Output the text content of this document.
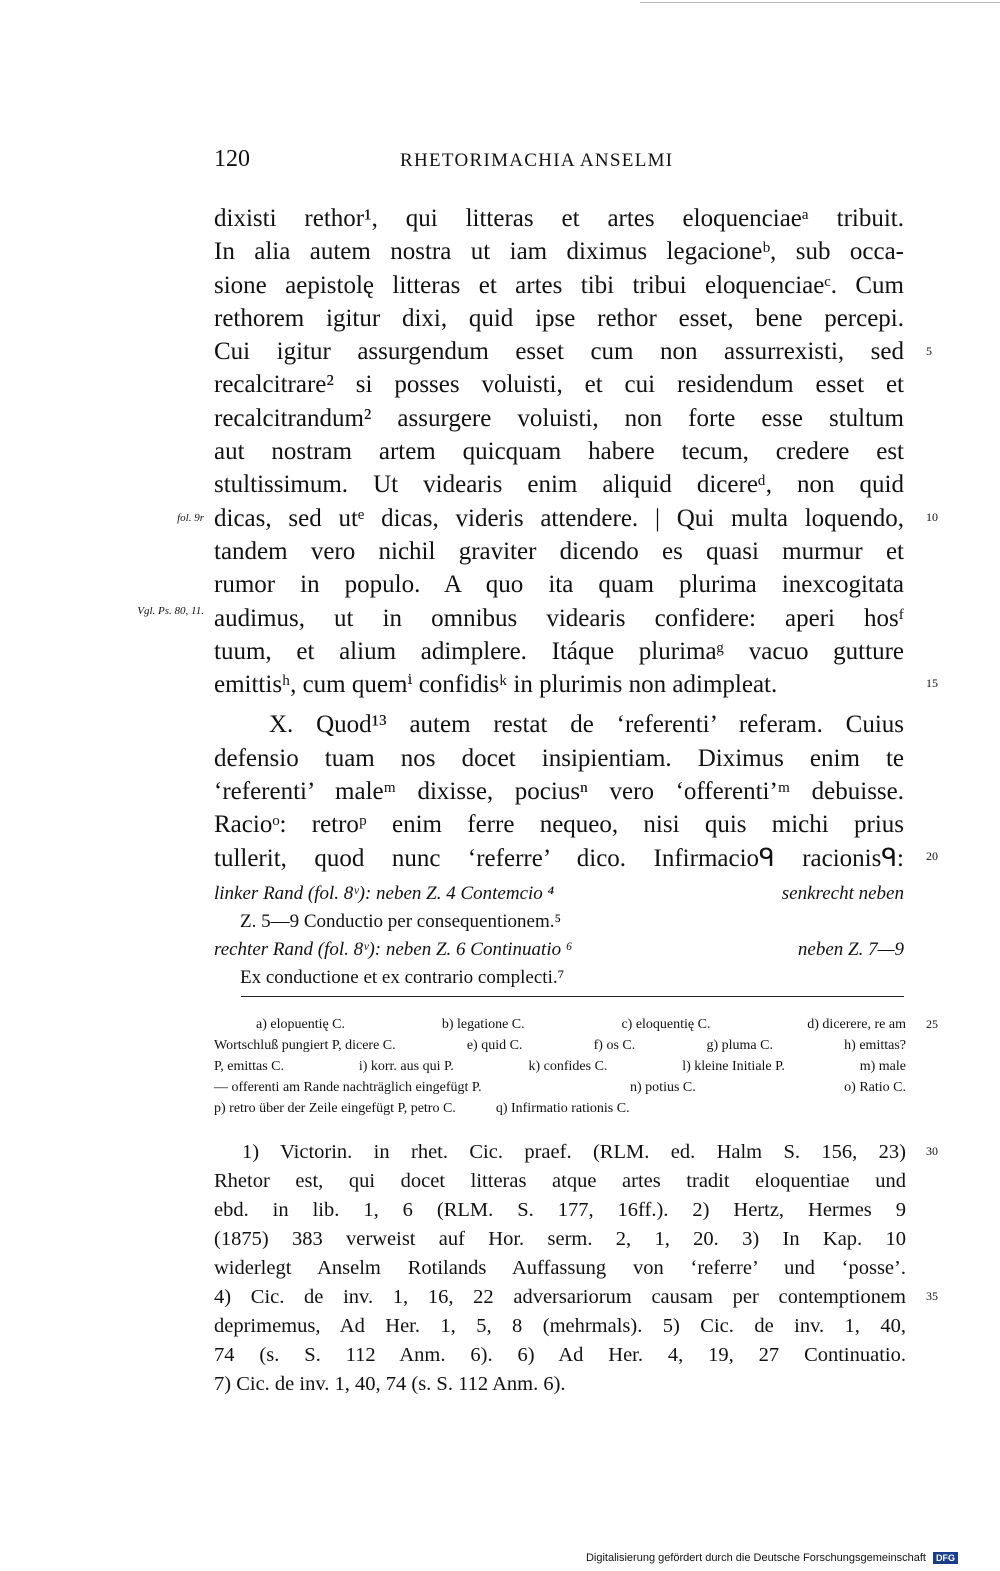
120	RHETORIMACHIA ANSELMI
dixisti rethor¹, qui litteras et artes eloquenciaeᵃ tribuit.
In alia autem nostra ut iam diximus legacioneᵇ, sub occa-
sione aepistolę litteras et artes tibi tribui eloquenciaeᶜ. Cum
rethorem igitur dixi, quid ipse rethor esset, bene percepi.
Cui igitur assurgendum esset cum non assurrexisti, sed
recalcitrare² si posses voluisti, et cui residendum esset et
recalcitrandum² assurgere voluisti, non forte esse stultum
aut nostram artem quicquam habere tecum, credere est
stultissimum. Ut videaris enim aliquid dicereᵈ, non quid
dicas, sed utᵉ dicas, videris attendere. | Qui multa loquendo,
tandem vero nichil graviter dicendo es quasi murmur et
rumor in populo. A quo ita quam plurima inexcogitata
audimus, ut in omnibus videaris confidere: aperi hosᶠ
tuum, et alium adimplere. Itáque plurimaᵍ vacuo gutture
emittisʰ, cum quemⁱ confidisᵏ in plurimis non adimpleat.
X. Quod¹³ autem restat de ‘referenti’ referam. Cuius
defensio tuam nos docet insipientiam. Diximus enim te
‘referenti’ maleᵐ dixisse, pociusⁿ vero ‘offerenti’ᵐ debuisse.
Racioᵒ: retroᵖ enim ferre nequeo, nisi quis michi prius
tullerit, quod nunc ‘referre’ dico. Infirmacioᑫ racionisᑫ:
5
10
15
20
fol. 9r
Vgl. Ps. 80, 11.
linker Rand (fol. 8ᵛ): neben Z. 4 Contemcio ⁴	senkrecht neben
Z. 5—9 Conductio per consequentionem.⁵
rechter Rand (fol. 8ᵛ): neben Z. 6 Continuatio ⁶	neben Z. 7—9
Ex conductione et ex contrario complecti.⁷
a) elopuentię C.	b) legatione C.	c) eloquentię C.	d) dicerere, re am
Wortschluß pungiert P, dicere C.	e) quid C.	f) os C.	g) pluma C.	h) emittas?
P, emittas C.	i) korr. aus qui P.	k) confides C.	l) kleine Initiale P.	m) male
— offerenti am Rande nachträglich eingefügt P.	n) potius C.	o) Ratio C.
p) retro über der Zeile eingefügt P, petro C.	q) Infirmatio rationis C.
25
1) Victorin. in rhet. Cic. praef. (RLM. ed. Halm S. 156, 23)
Rhetor est, qui docet litteras atque artes tradit eloquentiae und
ebd. in lib. 1, 6 (RLM. S. 177, 16ff.). 2) Hertz, Hermes 9
(1875) 383 verweist auf Hor. serm. 2, 1, 20. 3) In Kap. 10
widerlegt Anselm Rotilands Auffassung von ‘referre’ und ‘posse’.
4) Cic. de inv. 1, 16, 22 adversariorum causam per contemptionem
deprimemus, Ad Her. 1, 5, 8 (mehrmals). 5) Cic. de inv. 1, 40,
74 (s. S. 112 Anm. 6). 6) Ad Her. 4, 19, 27 Continuatio.
7) Cic. de inv. 1, 40, 74 (s. S. 112 Anm. 6).
30
35
Digitalisierung gefördert durch die Deutsche Forschungsgemeinschaft DFG
